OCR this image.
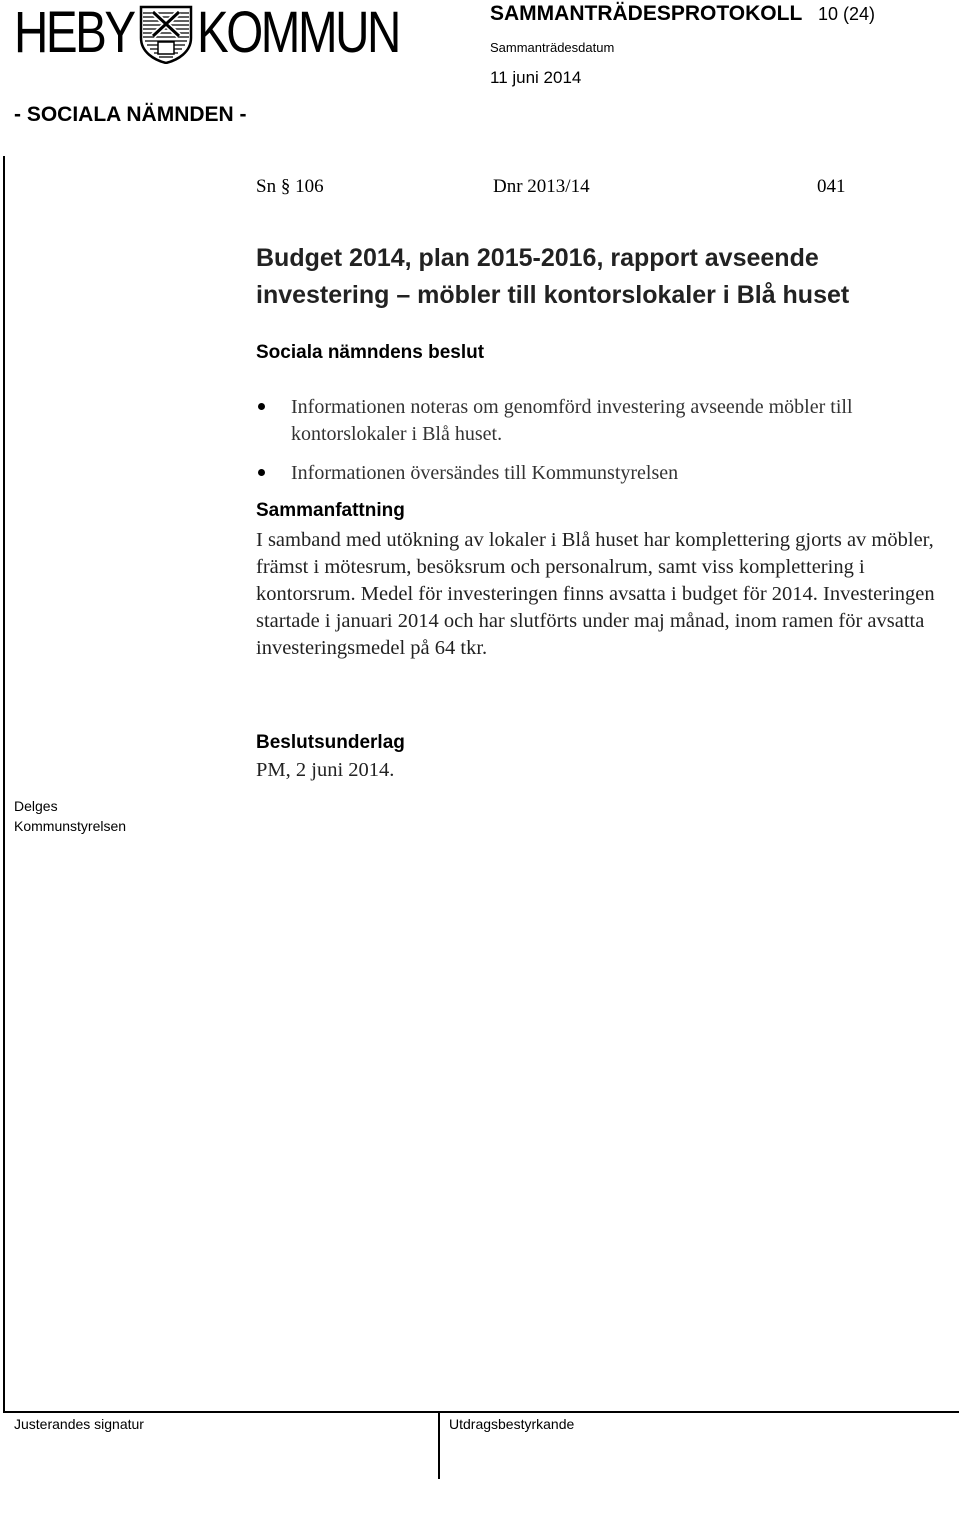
HEBY KOMMUN	SAMMANTRÄDESPROTOKOLL 10 (24)
Sammanträdesdatum
11 juni 2014
- SOCIALA NÄMNDEN -
Sn § 106	Dnr 2013/14	041
Budget 2014, plan 2015-2016, rapport avseende investering – möbler till kontorslokaler i Blå huset
Sociala nämndens beslut
Informationen noteras om genomförd investering avseende möbler till kontorslokaler i Blå huset.
Informationen översändes till Kommunstyrelsen
Sammanfattning
I samband med utökning av lokaler i Blå huset har komplettering gjorts av möbler, främst i mötesrum, besöksrum och personalrum, samt viss komplettering i kontorsrum. Medel för investeringen finns avsatta i budget för 2014. Investeringen startade i januari 2014 och har slutförts under maj månad, inom ramen för avsatta investeringsmedel på 64 tkr.
Beslutsunderlag
PM, 2 juni 2014.
Delges
Kommunstyrelsen
Justerandes signatur	Utdragsbestyrkande
